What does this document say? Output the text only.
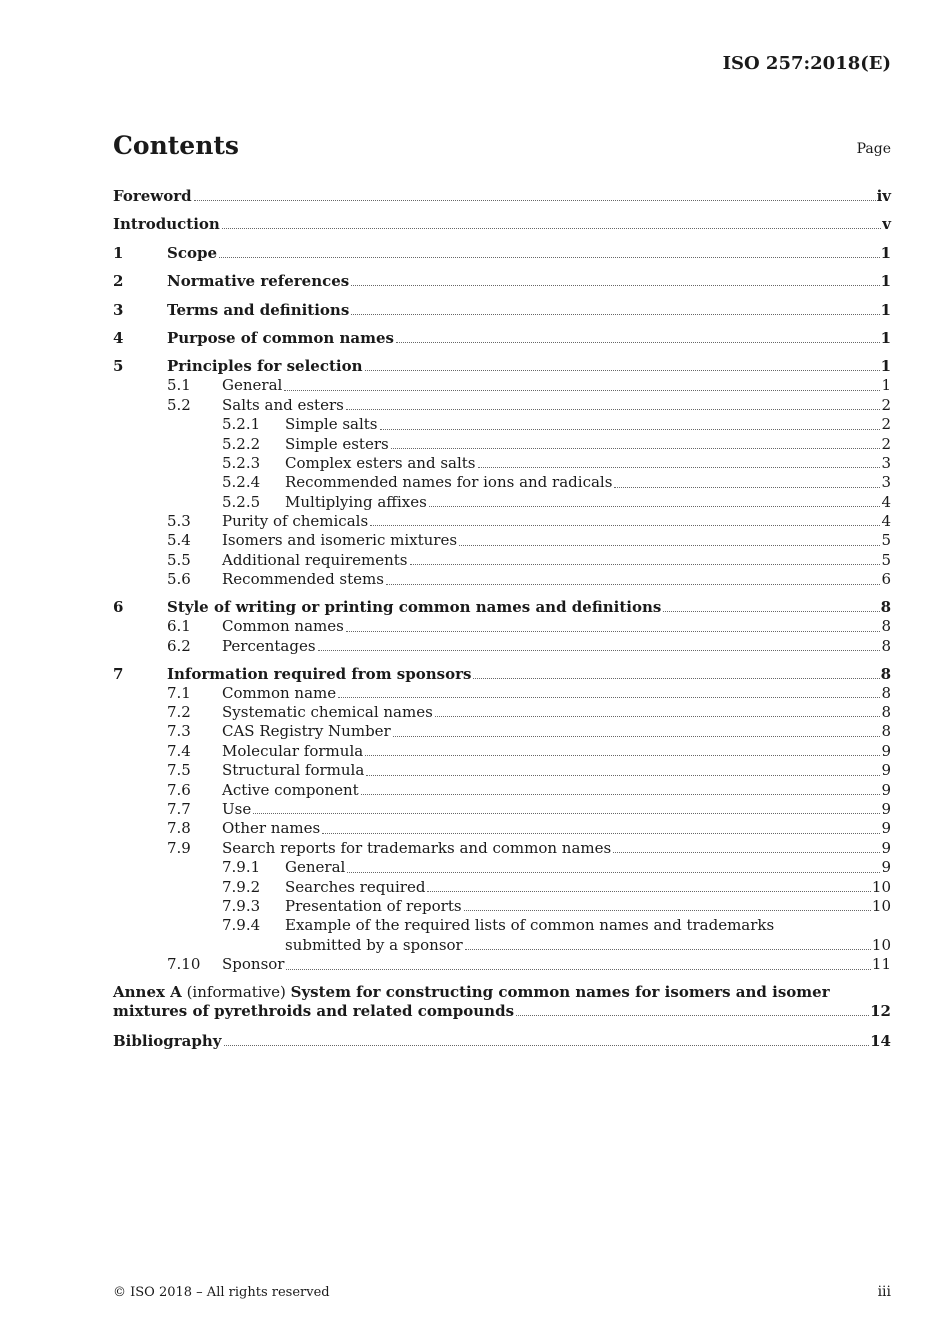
ISO 257:2018(E)
Contents	Page
Foreword	iv
Introduction	v
1	Scope	1
2	Normative references	1
3	Terms and definitions	1
4	Purpose of common names	1
5	Principles for selection	1
5.1 General	1
5.2 Salts and esters	2
5.2.1 Simple salts	2
5.2.2 Simple esters	2
5.2.3 Complex esters and salts	3
5.2.4 Recommended names for ions and radicals	3
5.2.5 Multiplying affixes	4
5.3 Purity of chemicals	4
5.4 Isomers and isomeric mixtures	5
5.5 Additional requirements	5
5.6 Recommended stems	6
6	Style of writing or printing common names and definitions	8
6.1 Common names	8
6.2 Percentages	8
7	Information required from sponsors	8
7.1 Common name	8
7.2 Systematic chemical names	8
7.3 CAS Registry Number	8
7.4 Molecular formula	9
7.5 Structural formula	9
7.6 Active component	9
7.7 Use	9
7.8 Other names	9
7.9 Search reports for trademarks and common names	9
7.9.1 General	9
7.9.2 Searches required	10
7.9.3 Presentation of reports	10
7.9.4 Example of the required lists of common names and trademarks
submitted by a sponsor	10
7.10 Sponsor	11
Annex A (informative) System for constructing common names for isomers and isomer
mixtures of pyrethroids and related compounds	12
Bibliography	14
© ISO 2018 – All rights reserved	iii
